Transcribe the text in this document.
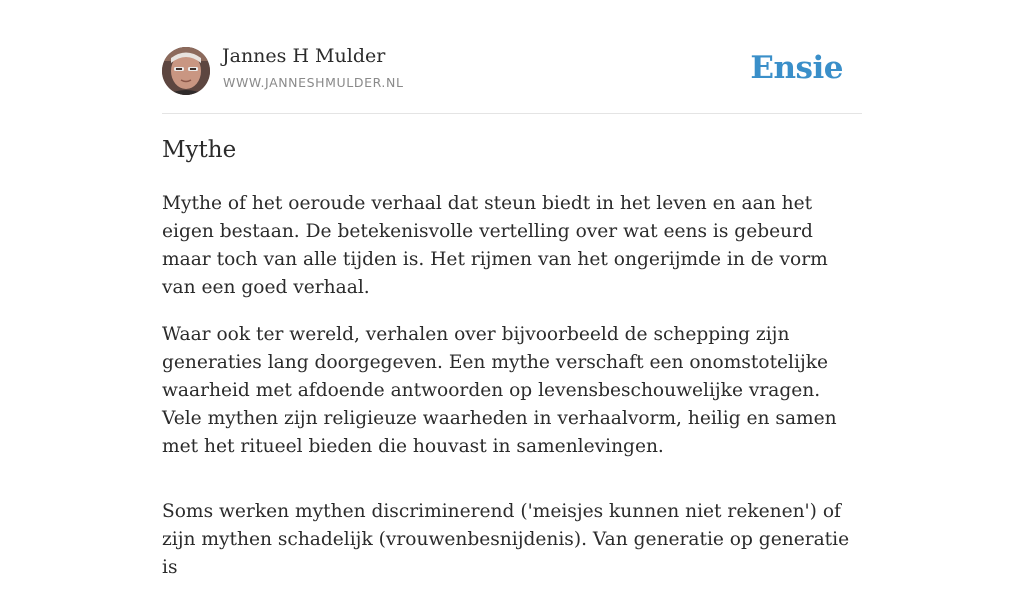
Jannes H Mulder
WWW.JANNESHMULDER.NL	Ensie
Mythe

Mythe of het oeroude verhaal dat steun biedt in het leven en aan het eigen bestaan. De betekenisvolle vertelling over wat eens is gebeurd maar toch van alle tijden is. Het rijmen van het ongerijmde in de vorm van een goed verhaal.

Waar ook ter wereld, verhalen over bijvoorbeeld de schepping zijn generaties lang doorgegeven. Een mythe verschaft een onomstotelijke waarheid met afdoende antwoorden op levensbeschouwelijke vragen. Vele mythen zijn religieuze waarheden in verhaalvorm, heilig en samen met het ritueel bieden die houvast in samenlevingen.

Soms werken mythen discriminerend ('meisjes kunnen niet rekenen') of zijn mythen schadelijk (vrouwenbesnijdenis). Van generatie op generatie is
